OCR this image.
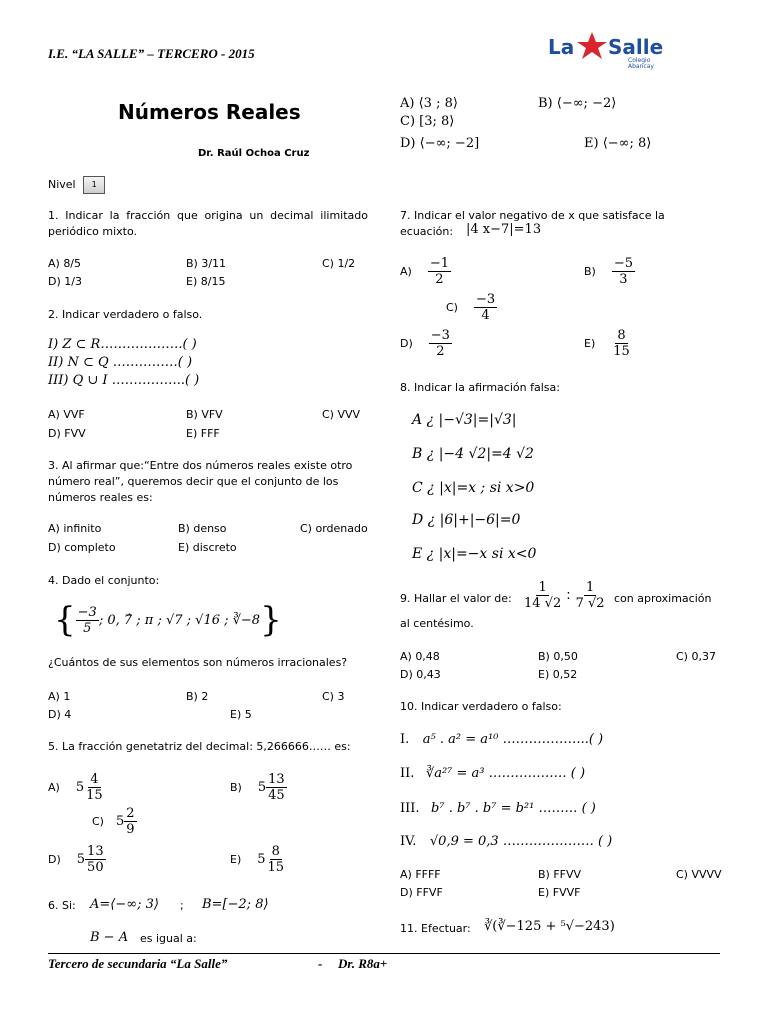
I.E. “LA SALLE” – TERCERO - 2015	La Salle
Colegio
Abancay
Números Reales
Dr. Raúl Ochoa Cruz
Nivel 1
1. Indicar la fracción que origina un decimal ilimitado periódico mixto.
A) 8/5	B) 3/11	C) 1/2
D) 1/3	E) 8/15
2. Indicar verdadero o falso.
I) Z ⊂ R……………….( )
II) N ⊂ Q ……………( )
III) Q ∪ I ……………..( )
A) VVF	B) VFV	C) VVV
D) FVV	E) FFF
3. Al afirmar que:“Entre dos números reales existe otro número real”, queremos decir que el conjunto de los números reales es:
A) infinito	B) denso	C) ordenado
D) completo	E) discreto
4. Dado el conjunto:
{ $\frac{-3}{5}$ ; 0, 7̂ ; π ; √7 ; √16 ; ∛−8 }
¿Cuántos de sus elementos son números irracionales?
A) 1	B) 2	C) 3
D) 4	E) 5
5. La fracción genetatriz del decimal: 5,266666…… es:
A) $5 \frac{4}{15}$	B) $5 \frac{13}{45}$
C) $5 \frac{2}{9}$
D) $5 \frac{13}{50}$	E) $5 \frac{8}{15}$
6. Si: A=⟨−∞; 3⟩ ; B=[−2; 8⟩
B − A es igual a:
A) ⟨3 ; 8⟩	B) ⟨−∞; −2⟩
C) [3; 8⟩
D) ⟨−∞; −2]	E) ⟨−∞; 8⟩
7. Indicar el valor negativo de x que satisface la ecuación: |4 x−7|=13
$A) \frac{-1}{2}$	$B) \frac{-5}{3}$
$C) \frac{-3}{4}$
$D) \frac{-3}{2}$	$E) \frac{8}{15}$
8. Indicar la afirmación falsa:
A ¿ |−√3|=|√3|
B ¿ |−4 √2|=4 √2
C ¿ |x|=x ; si x>0
D ¿ |6|+|−6|=0
E ¿ |x|=−x si x<0
9. Hallar el valor de: $\frac{1}{14 √2}$ : $\frac{1}{7 √2}$ con aproximación
al centésimo.
A) 0,48	B) 0,50	C) 0,37
D) 0,43	E) 0,52
10. Indicar verdadero o falso:
I. a⁵ . a² = a¹⁰ ………………..( )
II. ∛a²⁷ = a³ ……………… ( )
III. b⁷ . b⁷ . b⁷ = b²¹ ……… ( )
IV. √0,9 = 0,3 ………………… ( )
A) FFFF	B) FFVV	C) VVVV
D) FFVF	E) FVVF
11. Efectuar: ∛(∛−125 + ⁵√−243)
Tercero de secundaria “La Salle”	- Dr. R8a+
